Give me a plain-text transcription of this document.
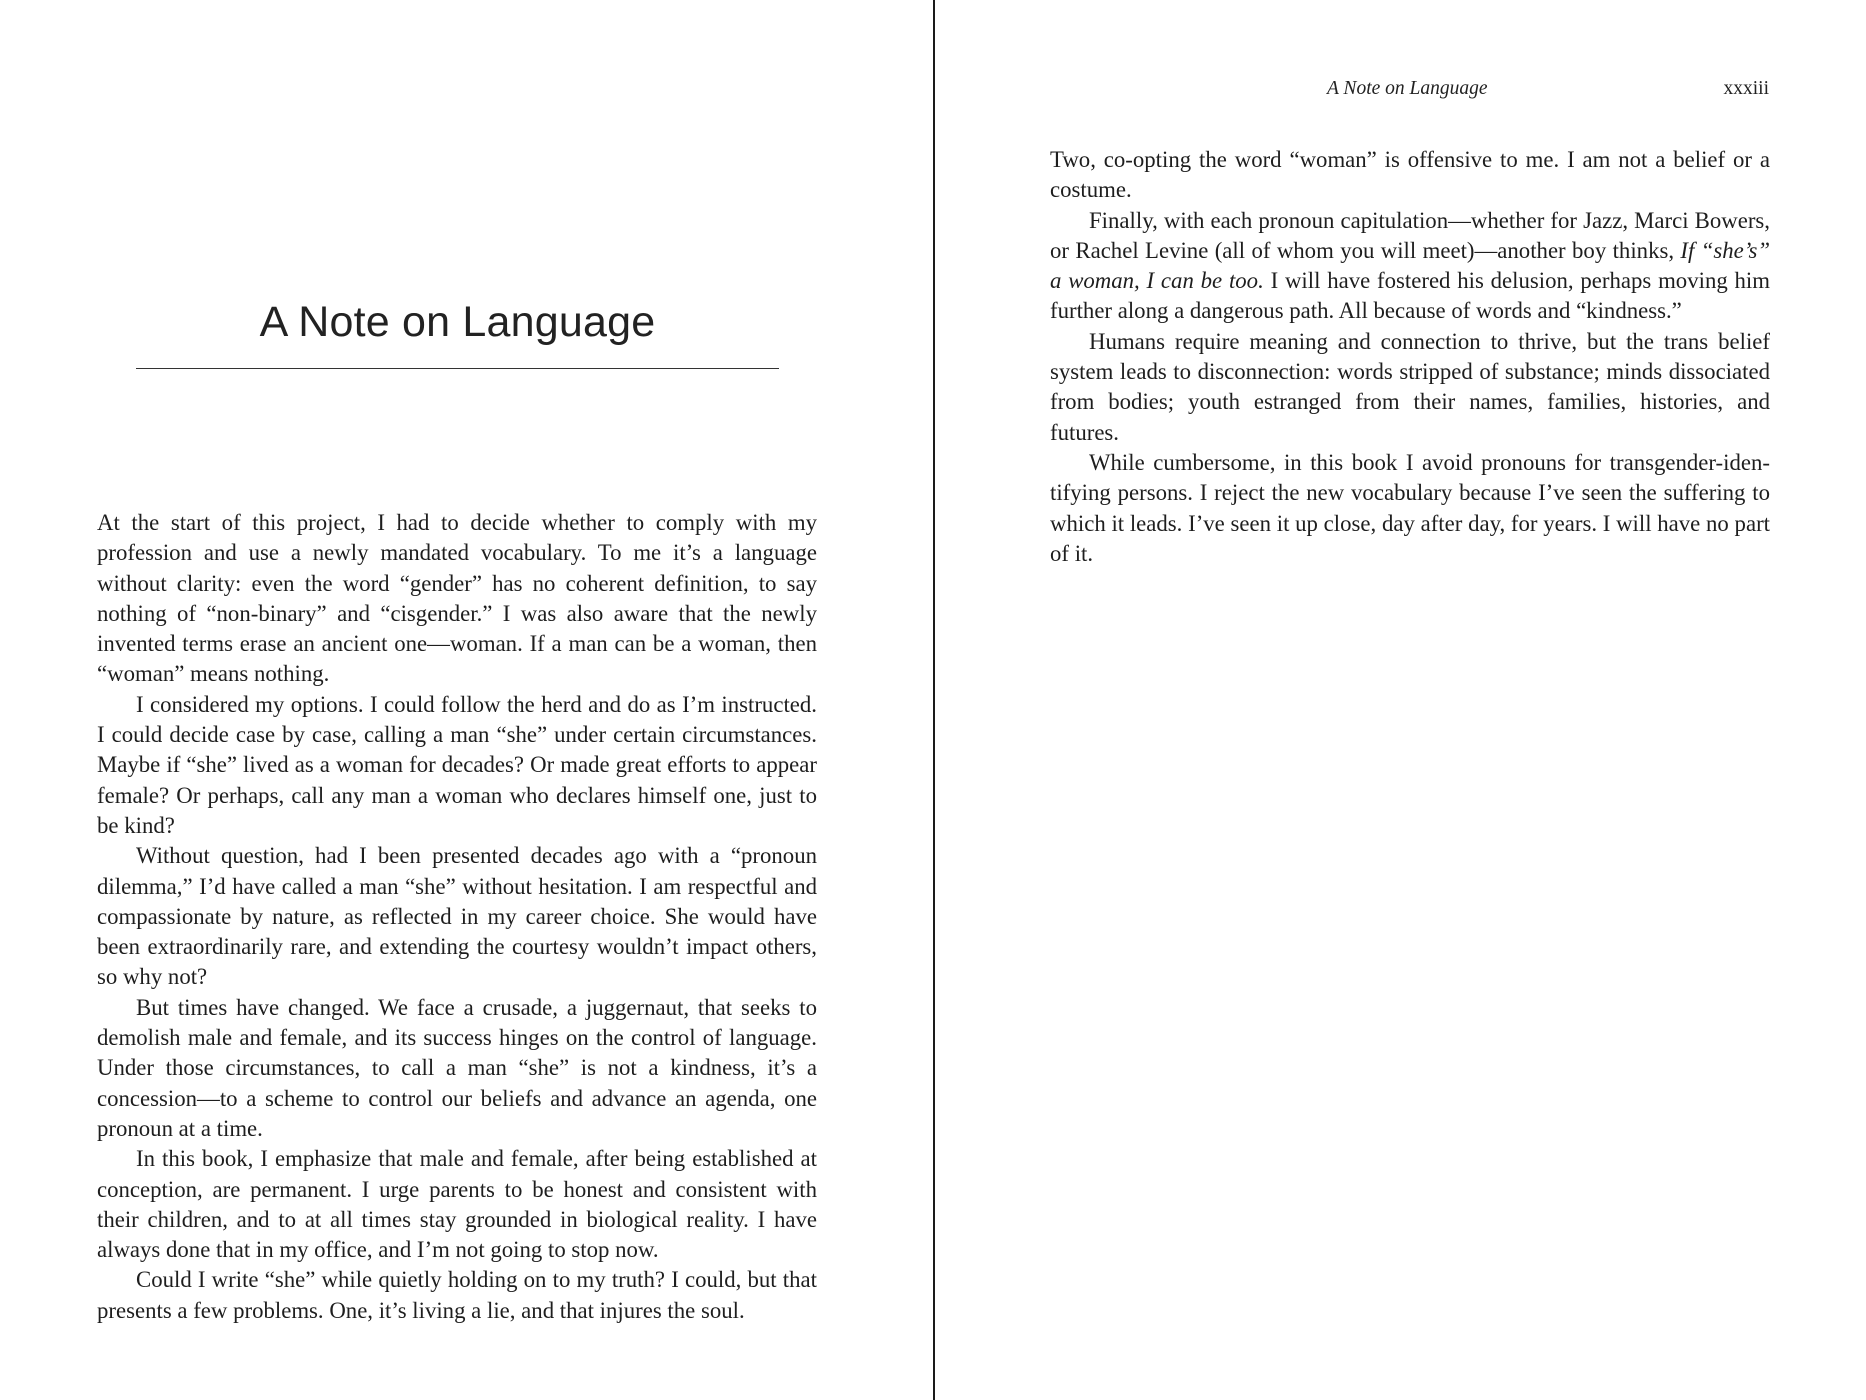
A Note on Language

At the start of this project, I had to decide whether to comply with my profession and use a newly mandated vocabulary. To me it’s a language without clarity: even the word “gender” has no coherent definition, to say nothing of “non-binary” and “cisgender.” I was also aware that the newly invented terms erase an ancient one—woman. If a man can be a woman, then “woman” means nothing.

I considered my options. I could follow the herd and do as I’m instructed. I could decide case by case, calling a man “she” under certain circumstances. Maybe if “she” lived as a woman for decades? Or made great efforts to appear female? Or perhaps, call any man a woman who declares himself one, just to be kind?

Without question, had I been presented decades ago with a “pronoun dilemma,” I’d have called a man “she” without hesitation. I am respectful and compassionate by nature, as reflected in my career choice. She would have been extraordinarily rare, and extending the courtesy wouldn’t impact others, so why not?

But times have changed. We face a crusade, a juggernaut, that seeks to demolish male and female, and its success hinges on the control of language. Under those circumstances, to call a man “she” is not a kindness, it’s a concession—to a scheme to control our beliefs and advance an agenda, one pronoun at a time.

In this book, I emphasize that male and female, after being established at conception, are permanent. I urge parents to be honest and consistent with their children, and to at all times stay grounded in biological reality. I have always done that in my office, and I’m not going to stop now.

Could I write “she” while quietly holding on to my truth? I could, but that presents a few problems. One, it’s living a lie, and that injures the soul.

A Note on Language	xxxiii

Two, co-opting the word “woman” is offensive to me. I am not a belief or a costume.

Finally, with each pronoun capitulation—whether for Jazz, Marci Bowers, or Rachel Levine (all of whom you will meet)—another boy thinks, If “she’s” a woman, I can be too. I will have fostered his delusion, perhaps moving him further along a dangerous path. All because of words and “kindness.”

Humans require meaning and connection to thrive, but the trans belief system leads to disconnection: words stripped of substance; minds dissociated from bodies; youth estranged from their names, families, histories, and futures.

While cumbersome, in this book I avoid pronouns for transgender-identifying persons. I reject the new vocabulary because I’ve seen the suffering to which it leads. I’ve seen it up close, day after day, for years. I will have no part of it.
